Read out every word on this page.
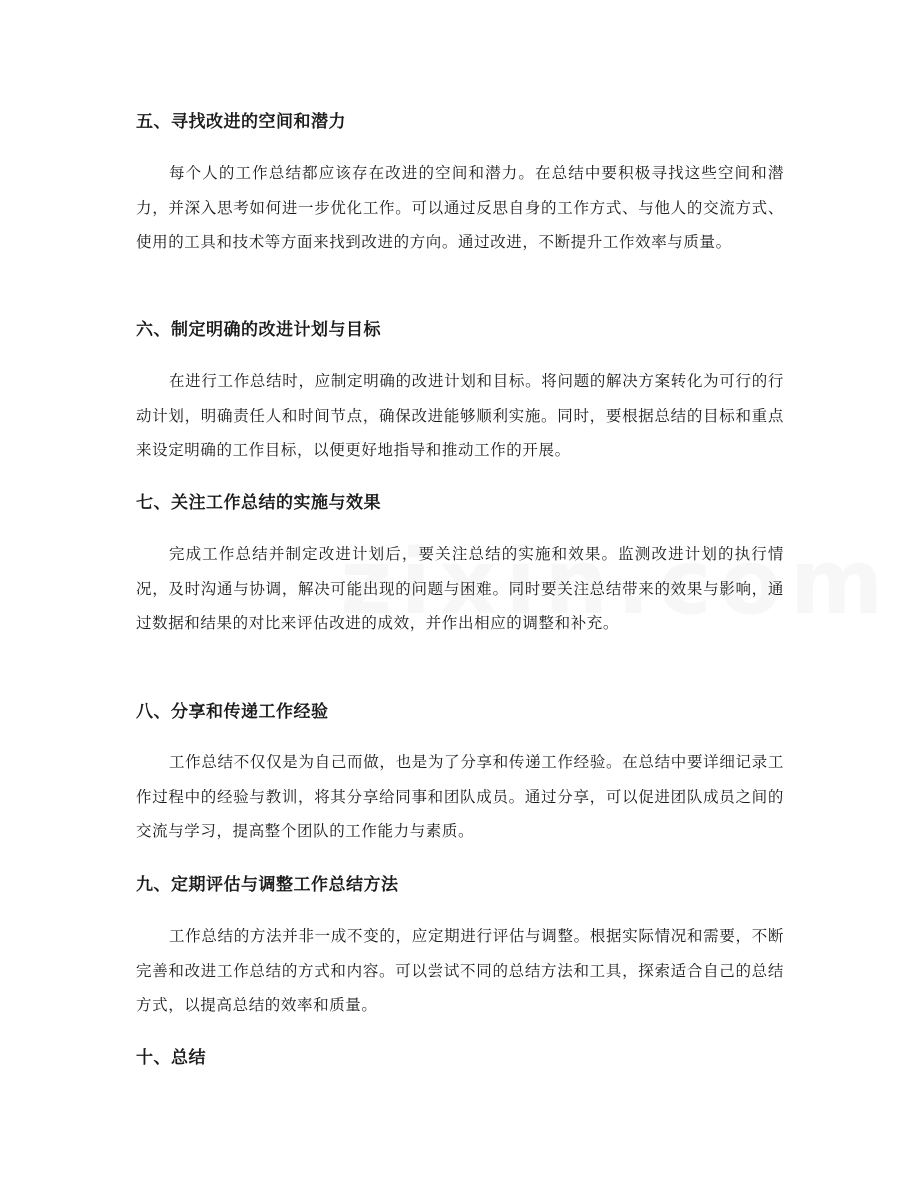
五、寻找改进的空间和潜力
每个人的工作总结都应该存在改进的空间和潜力。在总结中要积极寻找这些空间和潜力，并深入思考如何进一步优化工作。可以通过反思自身的工作方式、与他人的交流方式、使用的工具和技术等方面来找到改进的方向。通过改进，不断提升工作效率与质量。
六、制定明确的改进计划与目标
在进行工作总结时，应制定明确的改进计划和目标。将问题的解决方案转化为可行的行动计划，明确责任人和时间节点，确保改进能够顺利实施。同时，要根据总结的目标和重点来设定明确的工作目标，以便更好地指导和推动工作的开展。
七、关注工作总结的实施与效果
完成工作总结并制定改进计划后，要关注总结的实施和效果。监测改进计划的执行情况，及时沟通与协调，解决可能出现的问题与困难。同时要关注总结带来的效果与影响，通过数据和结果的对比来评估改进的成效，并作出相应的调整和补充。
八、分享和传递工作经验
工作总结不仅仅是为自己而做，也是为了分享和传递工作经验。在总结中要详细记录工作过程中的经验与教训，将其分享给同事和团队成员。通过分享，可以促进团队成员之间的交流与学习，提高整个团队的工作能力与素质。
九、定期评估与调整工作总结方法
工作总结的方法并非一成不变的，应定期进行评估与调整。根据实际情况和需要，不断完善和改进工作总结的方式和内容。可以尝试不同的总结方法和工具，探索适合自己的总结方式，以提高总结的效率和质量。
十、总结
